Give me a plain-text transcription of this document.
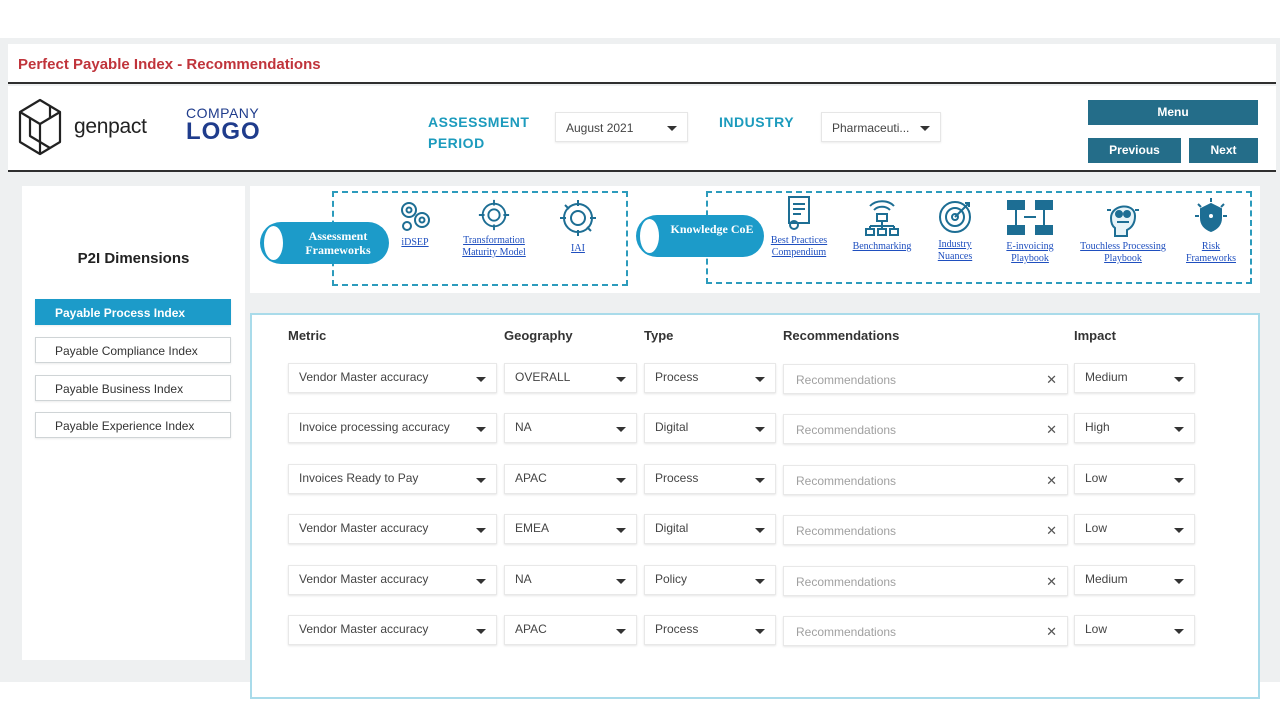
Perfect Payable Index - Recommendations
genpact
COMPANY
LOGO	ASSESSMENT
PERIOD
August 2021	INDUSTRY	Pharmaceuti...
Menu
Previous	Next
P2I Dimensions
Payable Process Index
Payable Compliance Index
Payable Business Index
Payable Experience Index
Assessment Frameworks
Knowledge CoE
iDSEP	Transformation Maturity Model	IAI
Best Practices Compendium
Benchmarking	Industry Nuances
E-invoicing Playbook
Touchless Processing Playbook
Risk Frameworks
Metric	Geography	Type	Recommendations	Impact
Vendor Master accuracy	OVERALL	Process	Recommendations	✕	Medium
Invoice processing accuracy	NA	Digital	Recommendations	✕	High
Invoices Ready to Pay	APAC	Process	Recommendations	✕	Low
Vendor Master accuracy	EMEA	Digital	Recommendations	✕	Low
Vendor Master accuracy	NA	Policy	Recommendations	✕	Medium
Vendor Master accuracy	APAC	Process	Recommendations	✕	Low
